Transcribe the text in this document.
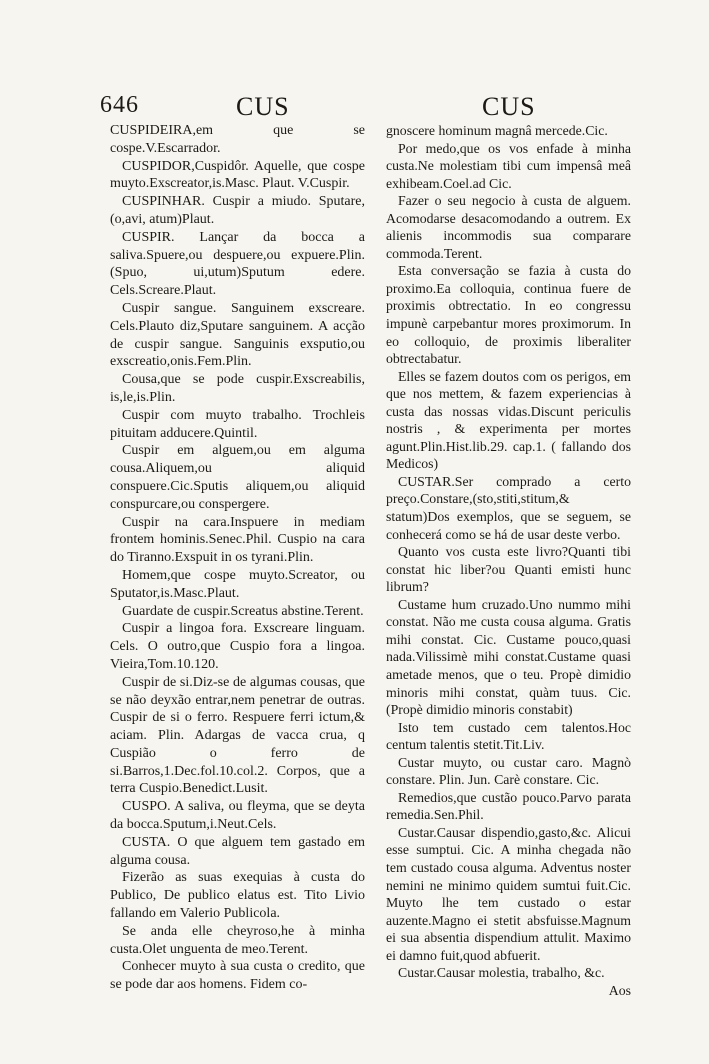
646	CUS	CUS

CUSPIDEIRA,em que se cospe.V.Escarrador.

CUSPIDOR,Cuspidôr. Aquelle, que cospe muyto.Exscreator,is.Masc. Plaut. V.Cuspir.

CUSPINHAR. Cuspir a miudo. Sputare,(o,avi, atum)Plaut.

CUSPIR. Lançar da bocca a saliva.Spuere,ou despuere,ou expuere.Plin. (Spuo, ui,utum)Sputum edere. Cels.Screare.Plaut.

Cuspir sangue. Sanguinem exscreare. Cels.Plauto diz,Sputare sanguinem. A acção de cuspir sangue. Sanguinis exsputio,ou exscreatio,onis.Fem.Plin.

Cousa,que se pode cuspir.Exscreabilis, is,le,is.Plin.

Cuspir com muyto trabalho. Trochleis pituitam adducere.Quintil.

Cuspir em alguem,ou em alguma cousa.Aliquem,ou aliquid conspuere.Cic.Sputis aliquem,ou aliquid conspurcare,ou conspergere.

Cuspir na cara.Inspuere in mediam frontem hominis.Senec.Phil. Cuspio na cara do Tiranno.Exspuit in os tyrani.Plin.

Homem,que cospe muyto.Screator, ou Sputator,is.Masc.Plaut.

Guardate de cuspir.Screatus abstine.Terent.

Cuspir a lingoa fora. Exscreare linguam. Cels. O outro,que Cuspio fora a lingoa. Vieira,Tom.10.120.

Cuspir de si.Diz-se de algumas cousas, que se não deyxão entrar,nem penetrar de outras. Cuspir de si o ferro. Respuere ferri ictum,& aciam. Plin. Adargas de vacca crua, q Cuspião o ferro de si.Barros,1.Dec.fol.10.col.2. Corpos, que a terra Cuspio.Benedict.Lusit.

CUSPO. A saliva, ou fleyma, que se deyta da bocca.Sputum,i.Neut.Cels.

CUSTA. O que alguem tem gastado em alguma cousa.

Fizerão as suas exequias à custa do Publico, De publico elatus est. Tito Livio fallando em Valerio Publicola.

Se anda elle cheyroso,he à minha custa.Olet unguenta de meo.Terent.

Conhecer muyto à sua custa o credito, que se pode dar aos homens. Fidem co-

gnoscere hominum magnâ mercede.Cic.

Por medo,que os vos enfade à minha custa.Ne molestiam tibi cum impensâ meâ exhibeam.Coel.ad Cic.

Fazer o seu negocio à custa de alguem. Acomodarse desacomodando a outrem. Ex alienis incommodis sua comparare commoda.Terent.

Esta conversação se fazia à custa do proximo.Ea colloquia, continua fuere de proximis obtrectatio. In eo congressu impunè carpebantur mores proximorum. In eo colloquio, de proximis liberaliter obtrectabatur.

Elles se fazem doutos com os perigos, em que nos mettem, & fazem experiencias à custa das nossas vidas.Discunt periculis nostris , & experimenta per mortes agunt.Plin.Hist.lib.29. cap.1. ( fallando dos Medicos)

CUSTAR.Ser comprado a certo preço.Constare,(sto,stiti,stitum,& statum)Dos exemplos, que se seguem, se conhecerá como se há de usar deste verbo.

Quanto vos custa este livro?Quanti tibi constat hic liber?ou Quanti emisti hunc librum?

Custame hum cruzado.Uno nummo mihi constat. Não me custa cousa alguma. Gratis mihi constat. Cic. Custame pouco,quasi nada.Vilissimè mihi constat.Custame quasi ametade menos, que o teu. Propè dimidio minoris mihi constat, quàm tuus. Cic. (Propè dimidio minoris constabit)

Isto tem custado cem talentos.Hoc centum talentis stetit.Tit.Liv.

Custar muyto, ou custar caro. Magnò constare. Plin. Jun. Carè constare. Cic.

Remedios,que custão pouco.Parvo parata remedia.Sen.Phil.

Custar.Causar dispendio,gasto,&c. Alicui esse sumptui. Cic. A minha chegada não tem custado cousa alguma. Adventus noster nemini ne minimo quidem sumtui fuit.Cic. Muyto lhe tem custado o estar auzente.Magno ei stetit absfuisse.Magnum ei sua absentia dispendium attulit. Maximo ei damno fuit,quod abfuerit.

Custar.Causar molestia, trabalho, &c.

Aos
